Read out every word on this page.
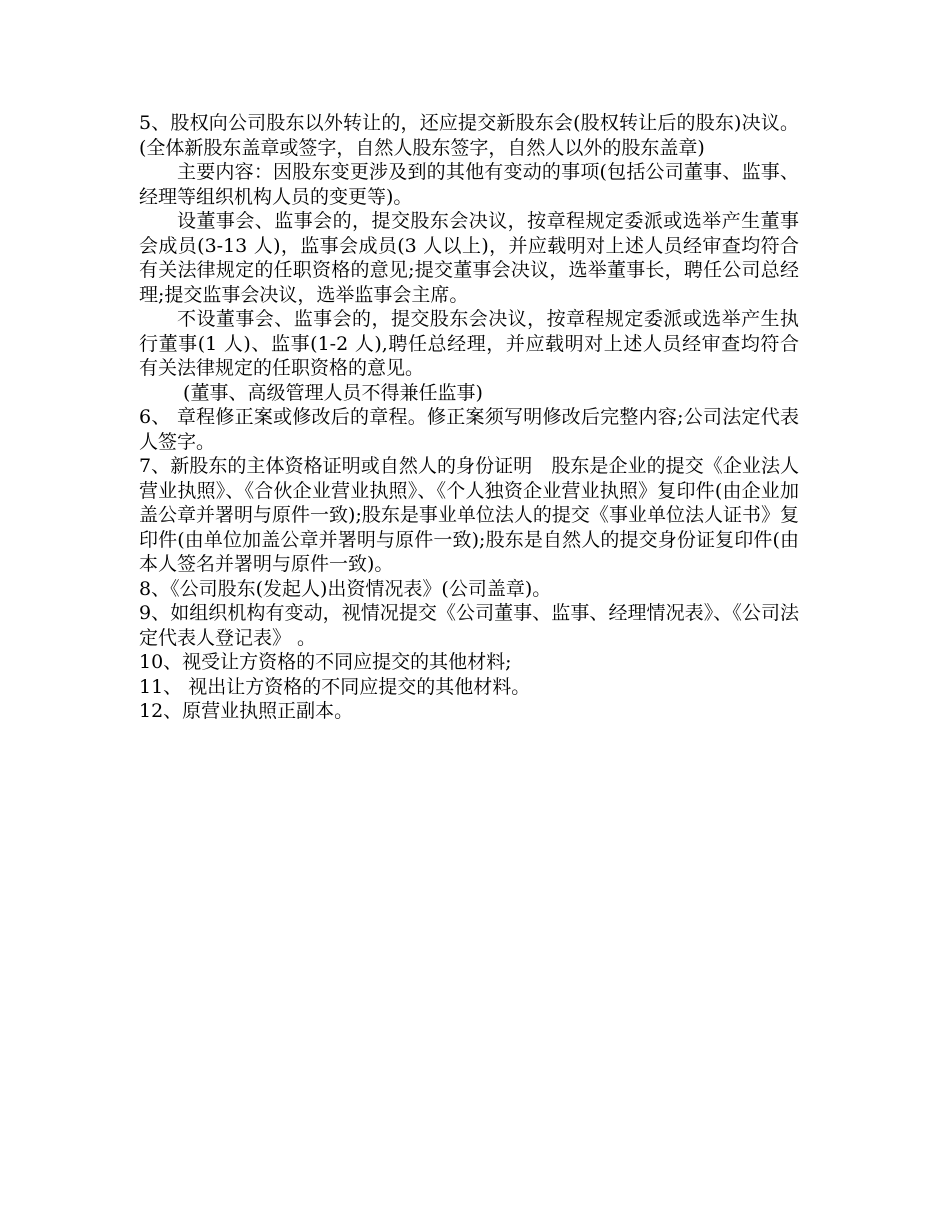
5、股权向公司股东以外转让的，还应提交新股东会(股权转让后的股东)决议。(全体新股东盖章或签字，自然人股东签字，自然人以外的股东盖章)

主要内容：因股东变更涉及到的其他有变动的事项(包括公司董事、监事、经理等组织机构人员的变更等)。

设董事会、监事会的，提交股东会决议，按章程规定委派或选举产生董事会成员(3-13 人)，监事会成员(3 人以上)，并应载明对上述人员经审查均符合有关法律规定的任职资格的意见;提交董事会决议，选举董事长，聘任公司总经理;提交监事会决议，选举监事会主席。

不设董事会、监事会的，提交股东会决议，按章程规定委派或选举产生执行董事(1 人)、监事(1-2 人),聘任总经理，并应载明对上述人员经审查均符合有关法律规定的任职资格的意见。

(董事、高级管理人员不得兼任监事)

6、 章程修正案或修改后的章程。修正案须写明修改后完整内容;公司法定代表人签字。

7、新股东的主体资格证明或自然人的身份证明　股东是企业的提交《企业法人营业执照》、《合伙企业营业执照》、《个人独资企业营业执照》复印件(由企业加盖公章并署明与原件一致);股东是事业单位法人的提交《事业单位法人证书》复印件(由单位加盖公章并署明与原件一致);股东是自然人的提交身份证复印件(由本人签名并署明与原件一致)。

8、《公司股东(发起人)出资情况表》(公司盖章)。

9、如组织机构有变动，视情况提交《公司董事、监事、经理情况表》、《公司法定代表人登记表》 。

10、视受让方资格的不同应提交的其他材料;

11、 视出让方资格的不同应提交的其他材料。

12、原营业执照正副本。
